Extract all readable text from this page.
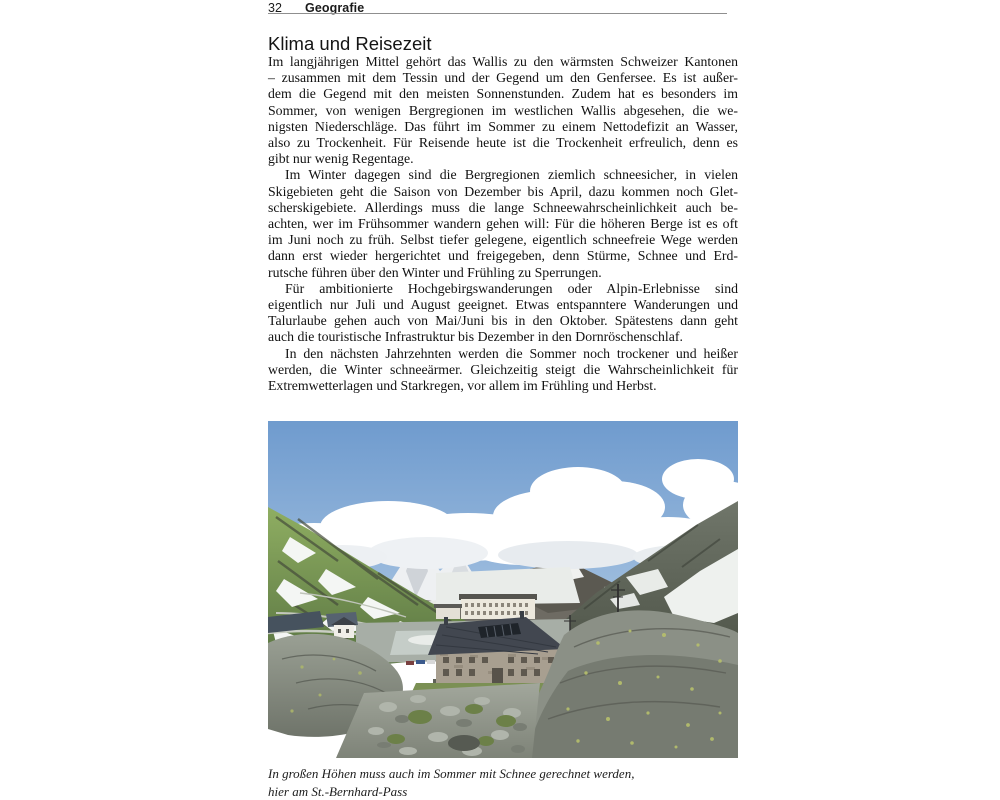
32	Geografie
Klima und Reisezeit
Im langjährigen Mittel gehört das Wallis zu den wärmsten Schweizer Kantonen
– zusammen mit dem Tessin und der Gegend um den Genfersee. Es ist außer-
dem die Gegend mit den meisten Sonnenstunden. Zudem hat es besonders im
Sommer, von wenigen Bergregionen im westlichen Wallis abgesehen, die we-
nigsten Niederschläge. Das führt im Sommer zu einem Nettodefizit an Wasser,
also zu Trockenheit. Für Reisende heute ist die Trockenheit erfreulich, denn es
gibt nur wenig Regentage.
Im Winter dagegen sind die Bergregionen ziemlich schneesicher, in vielen
Skigebieten geht die Saison von Dezember bis April, dazu kommen noch Glet-
scherskigebiete. Allerdings muss die lange Schneewahrscheinlichkeit auch be-
achten, wer im Frühsommer wandern gehen will: Für die höheren Berge ist es oft
im Juni noch zu früh. Selbst tiefer gelegene, eigentlich schneefreie Wege werden
dann erst wieder hergerichtet und freigegeben, denn Stürme, Schnee und Erd-
rutsche führen über den Winter und Frühling zu Sperrungen.
Für ambitionierte Hochgebirgswanderungen oder Alpin-Erlebnisse sind
eigentlich nur Juli und August geeignet. Etwas entspanntere Wanderungen und
Talurlaube gehen auch von Mai/Juni bis in den Oktober. Spätestens dann geht
auch die touristische Infrastruktur bis Dezember in den Dornröschenschlaf.
In den nächsten Jahrzehnten werden die Sommer noch trockener und heißer
werden, die Winter schneeärmer. Gleichzeitig steigt die Wahrscheinlichkeit für
Extremwetterlagen und Starkregen, vor allem im Frühling und Herbst.
In großen Höhen muss auch im Sommer mit Schnee gerechnet werden,
hier am St.-Bernhard-Pass
